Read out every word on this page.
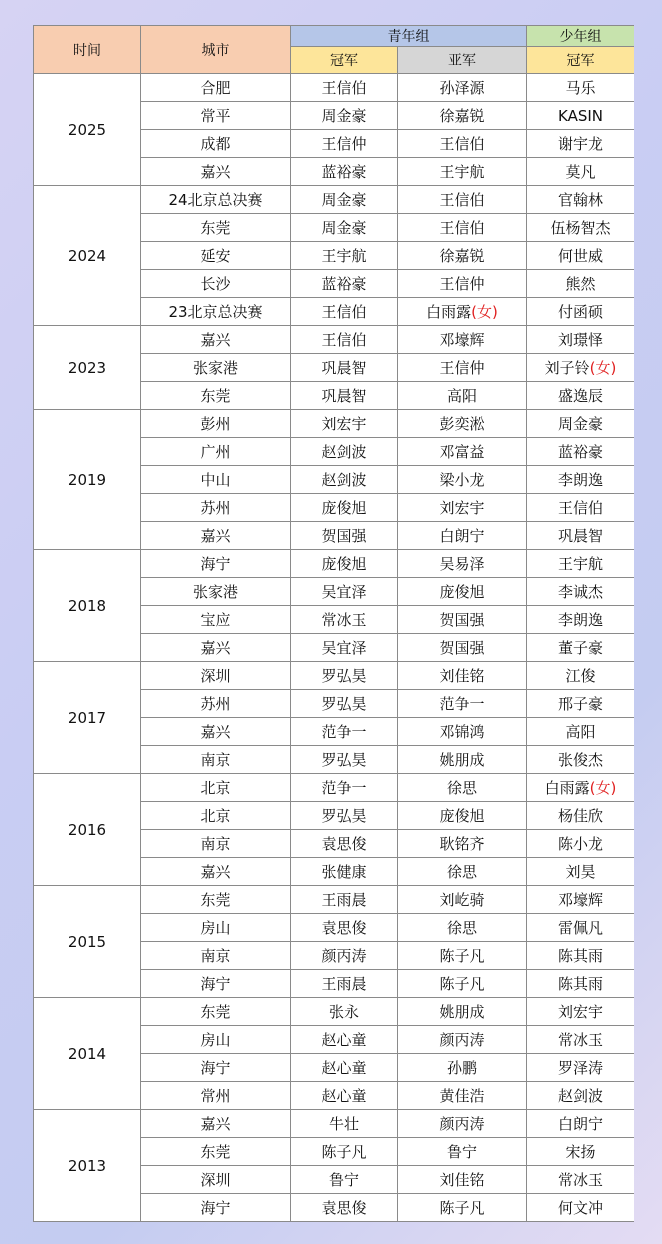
时间	城市	青年组		少年组
		冠军	亚军	冠军
2025	合肥	王信伯	孙泽源	马乐
	常平	周金豪	徐嘉锐	KASIN
	成都	王信仲	王信伯	谢宇龙
	嘉兴	蓝裕豪	王宇航	莫凡
2024	24北京总决赛	周金豪	王信伯	官翰林
	东莞	周金豪	王信伯	伍杨智杰
	延安	王宇航	徐嘉锐	何世威
	长沙	蓝裕豪	王信仲	熊然
	23北京总决赛	王信伯	白雨露(女)	付函硕
2023	嘉兴	王信伯	邓壕辉	刘璟怿
	张家港	巩晨智	王信仲	刘子铃(女)
	东莞	巩晨智	高阳	盛逸辰
2019	彭州	刘宏宇	彭奕淞	周金豪
	广州	赵剑波	邓富益	蓝裕豪
	中山	赵剑波	梁小龙	李朗逸
	苏州	庞俊旭	刘宏宇	王信伯
	嘉兴	贺国强	白朗宁	巩晨智
2018	海宁	庞俊旭	吴易泽	王宇航
	张家港	吴宜泽	庞俊旭	李诚杰
	宝应	常冰玉	贺国强	李朗逸
	嘉兴	吴宜泽	贺国强	董子豪
2017	深圳	罗弘昊	刘佳铭	江俊
	苏州	罗弘昊	范争一	邢子豪
	嘉兴	范争一	邓锦鸿	高阳
	南京	罗弘昊	姚朋成	张俊杰
2016	北京	范争一	徐思	白雨露(女)
	北京	罗弘昊	庞俊旭	杨佳欣
	南京	袁思俊	耿铭齐	陈小龙
	嘉兴	张健康	徐思	刘昊
2015	东莞	王雨晨	刘屹骑	邓壕辉
	房山	袁思俊	徐思	雷佩凡
	南京	颜丙涛	陈子凡	陈其雨
	海宁	王雨晨	陈子凡	陈其雨
2014	东莞	张永	姚朋成	刘宏宇
	房山	赵心童	颜丙涛	常冰玉
	海宁	赵心童	孙鹏	罗泽涛
	常州	赵心童	黄佳浩	赵剑波
2013	嘉兴	牛壮	颜丙涛	白朗宁
	东莞	陈子凡	鲁宁	宋扬
	深圳	鲁宁	刘佳铭	常冰玉
	海宁	袁思俊	陈子凡	何文冲
